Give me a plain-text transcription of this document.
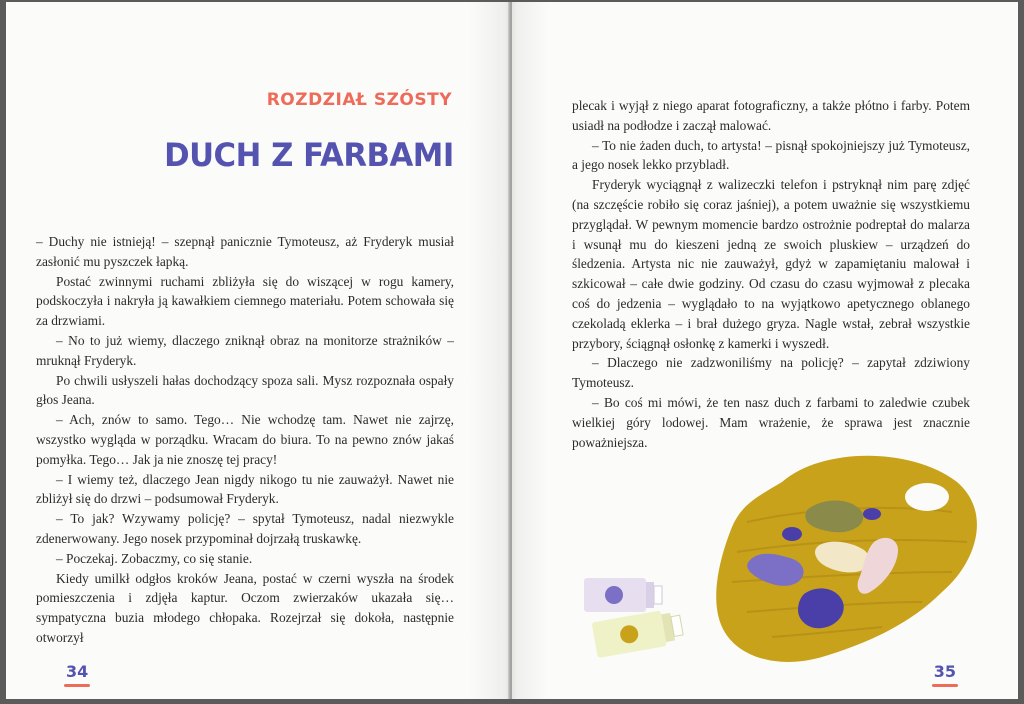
ROZDZIAŁ SZÓSTY
DUCH Z FARBAMI

– Duchy nie istnieją! – szepnął panicznie Tymoteusz, aż Fryderyk musiał zasłonić mu pyszczek łapką.

Postać zwinnymi ruchami zbliżyła się do wiszącej w rogu kamery, podskoczyła i nakryła ją kawałkiem ciemnego materiału. Potem schowała się za drzwiami.

– No to już wiemy, dlaczego zniknął obraz na monitorze strażników – mruknął Fryderyk.

Po chwili usłyszeli hałas dochodzący spoza sali. Mysz rozpoznała ospały głos Jeana.

– Ach, znów to samo. Tego… Nie wchodzę tam. Nawet nie zajrzę, wszystko wygląda w porządku. Wracam do biura. To na pewno znów jakaś pomyłka. Tego… Jak ja nie znoszę tej pracy!

– I wiemy też, dlaczego Jean nigdy nikogo tu nie zauważył. Nawet nie zbliżył się do drzwi – podsumował Fryderyk.

– To jak? Wzywamy policję? – spytał Tymoteusz, nadal niezwykle zdenerwowany. Jego nosek przypominał dojrzałą truskawkę.

– Poczekaj. Zobaczmy, co się stanie.

Kiedy umilkł odgłos kroków Jeana, postać w czerni wyszła na środek pomieszczenia i zdjęła kaptur. Oczom zwierzaków ukazała się… sympatyczna buzia młodego chłopaka. Rozejrzał się dokoła, następnie otworzył

34

plecak i wyjął z niego aparat fotograficzny, a także płótno i farby. Potem usiadł na podłodze i zaczął malować.

– To nie żaden duch, to artysta! – pisnął spokojniejszy już Tymoteusz, a jego nosek lekko przybladł.

Fryderyk wyciągnął z walizeczki telefon i pstryknął nim parę zdjęć (na szczęście robiło się coraz jaśniej), a potem uważnie się wszystkiemu przyglądał. W pewnym momencie bardzo ostrożnie podreptał do malarza i wsunął mu do kieszeni jedną ze swoich pluskiew – urządzeń do śledzenia. Artysta nic nie zauważył, gdyż w zapamiętaniu malował i szkicował – całe dwie godziny. Od czasu do czasu wyjmował z plecaka coś do jedzenia – wyglądało to na wyjątkowo apetycznego oblanego czekoladą eklerka – i brał dużego gryza. Nagle wstał, zebrał wszystkie przybory, ściągnął osłonkę z kamerki i wyszedł.

– Dlaczego nie zadzwoniliśmy na policję? – zapytał zdziwiony Tymoteusz.

– Bo coś mi mówi, że ten nasz duch z farbami to zaledwie czubek wielkiej góry lodowej. Mam wrażenie, że sprawa jest znacznie poważniejsza.

35
